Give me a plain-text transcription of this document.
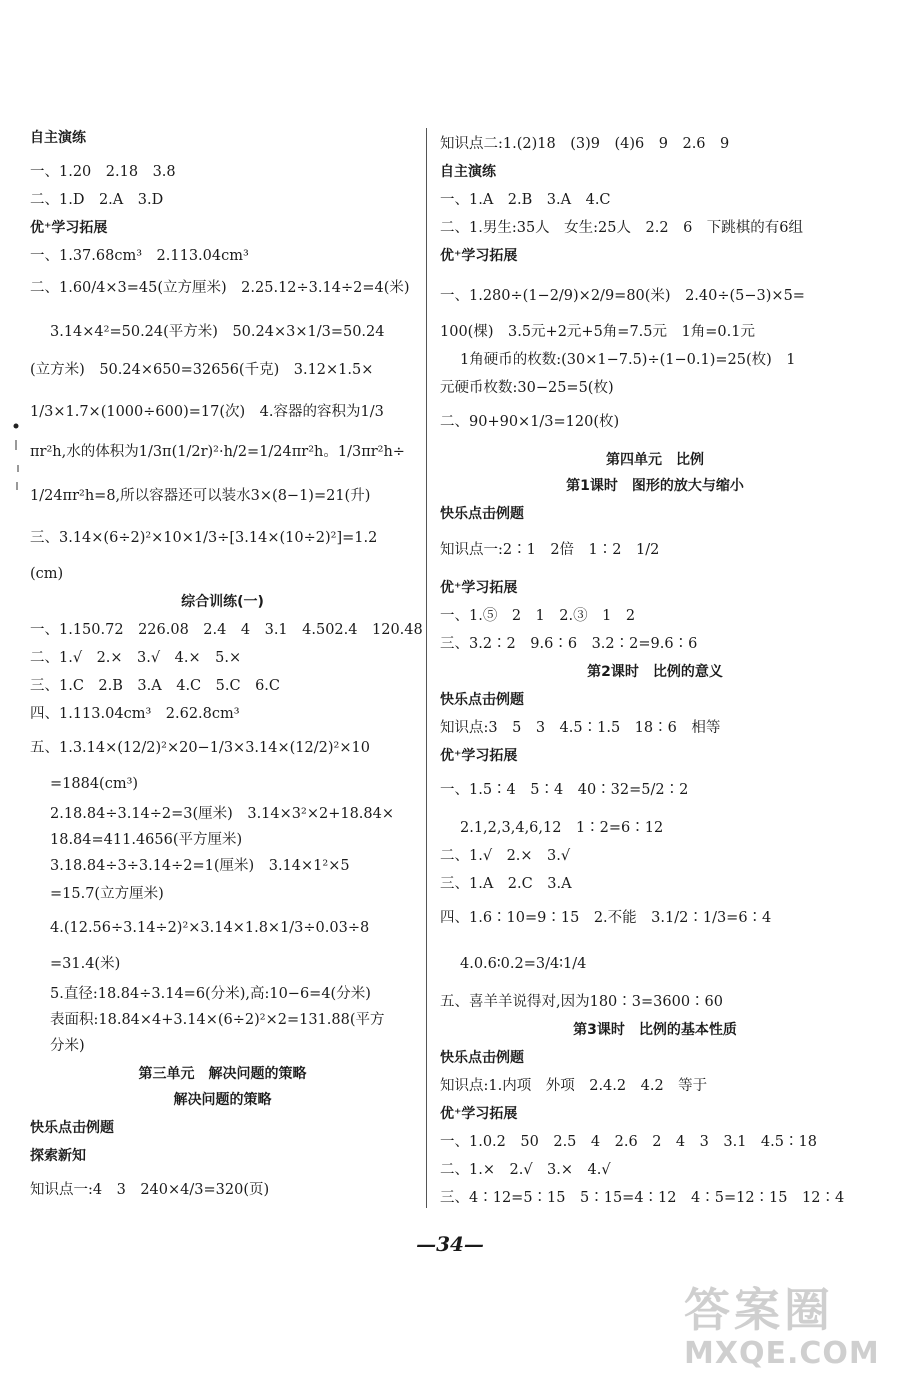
自主演练
一、1.20　2.18　3.8
二、1.D　2.A　3.D
优⁺学习拓展
一、1.37.68cm³　2.113.04cm³
二、1.60/4×3=45(立方厘米)　2.25.12÷3.14÷2=4(米)
3.14×4²=50.24(平方米)　50.24×3×1/3=50.24
(立方米)　50.24×650=32656(千克)　3.12×1.5×
1/3×1.7×(1000÷600)=17(次)　4.容器的容积为1/3
πr²h,水的体积为1/3π(1/2r)²·h/2=1/24πr²h。1/3πr²h÷
1/24πr²h=8,所以容器还可以装水3×(8−1)=21(升)
三、3.14×(6÷2)²×10×1/3÷[3.14×(10÷2)²]=1.2
(cm)
综合训练(一)
一、1.150.72　226.08　2.4　4　3.1　4.502.4　120.48
二、1.√　2.×　3.√　4.×　5.×
三、1.C　2.B　3.A　4.C　5.C　6.C
四、1.113.04cm³　2.62.8cm³
五、1.3.14×(12/2)²×20−1/3×3.14×(12/2)²×10
=1884(cm³)
2.18.84÷3.14÷2=3(厘米)　3.14×3²×2+18.84×
18.84=411.4656(平方厘米)
3.18.84÷3÷3.14÷2=1(厘米)　3.14×1²×5
=15.7(立方厘米)
4.(12.56÷3.14÷2)²×3.14×1.8×1/3÷0.03÷8
=31.4(米)
5.直径:18.84÷3.14=6(分米),高:10−6=4(分米)
表面积:18.84×4+3.14×(6÷2)²×2=131.88(平方
分米)
第三单元　解决问题的策略
解决问题的策略
快乐点击例题
探索新知
知识点一:4　3　240×4/3=320(页)
知识点二:1.(2)18　(3)9　(4)6　9　2.6　9
自主演练
一、1.A　2.B　3.A　4.C
二、1.男生:35人　女生:25人　2.2　6　下跳棋的有6组
优⁺学习拓展
一、1.280÷(1−2/9)×2/9=80(米)　2.40÷(5−3)×5=
100(棵)　3.5元+2元+5角=7.5元　1角=0.1元
1角硬币的枚数:(30×1−7.5)÷(1−0.1)=25(枚)　1
元硬币枚数:30−25=5(枚)
二、90+90×1/3=120(枚)
第四单元　比例
第1课时　图形的放大与缩小
快乐点击例题
知识点一:2∶1　2倍　1∶2　1/2
优⁺学习拓展
一、1.⑤　2　1　2.③　1　2
三、3.2∶2　9.6∶6　3.2∶2=9.6∶6
第2课时　比例的意义
快乐点击例题
知识点:3　5　3　4.5∶1.5　18∶6　相等
优⁺学习拓展
一、1.5∶4　5∶4　40∶32=5/2∶2
2.1,2,3,4,6,12　1∶2=6∶12
二、1.√　2.×　3.√
三、1.A　2.C　3.A
四、1.6∶10=9∶15　2.不能　3.1/2∶1/3=6∶4
4.0.6∶0.2=3/4∶1/4
五、喜羊羊说得对,因为180∶3=3600∶60
第3课时　比例的基本性质
快乐点击例题
知识点:1.内项　外项　2.4.2　4.2　等于
优⁺学习拓展
一、1.0.2　50　2.5　4　2.6　2　4　3　3.1　4.5∶18
二、1.×　2.√　3.×　4.√
三、4∶12=5∶15　5∶15=4∶12　4∶5=12∶15　12∶4
—34—
答案圈
MXQE.COM
